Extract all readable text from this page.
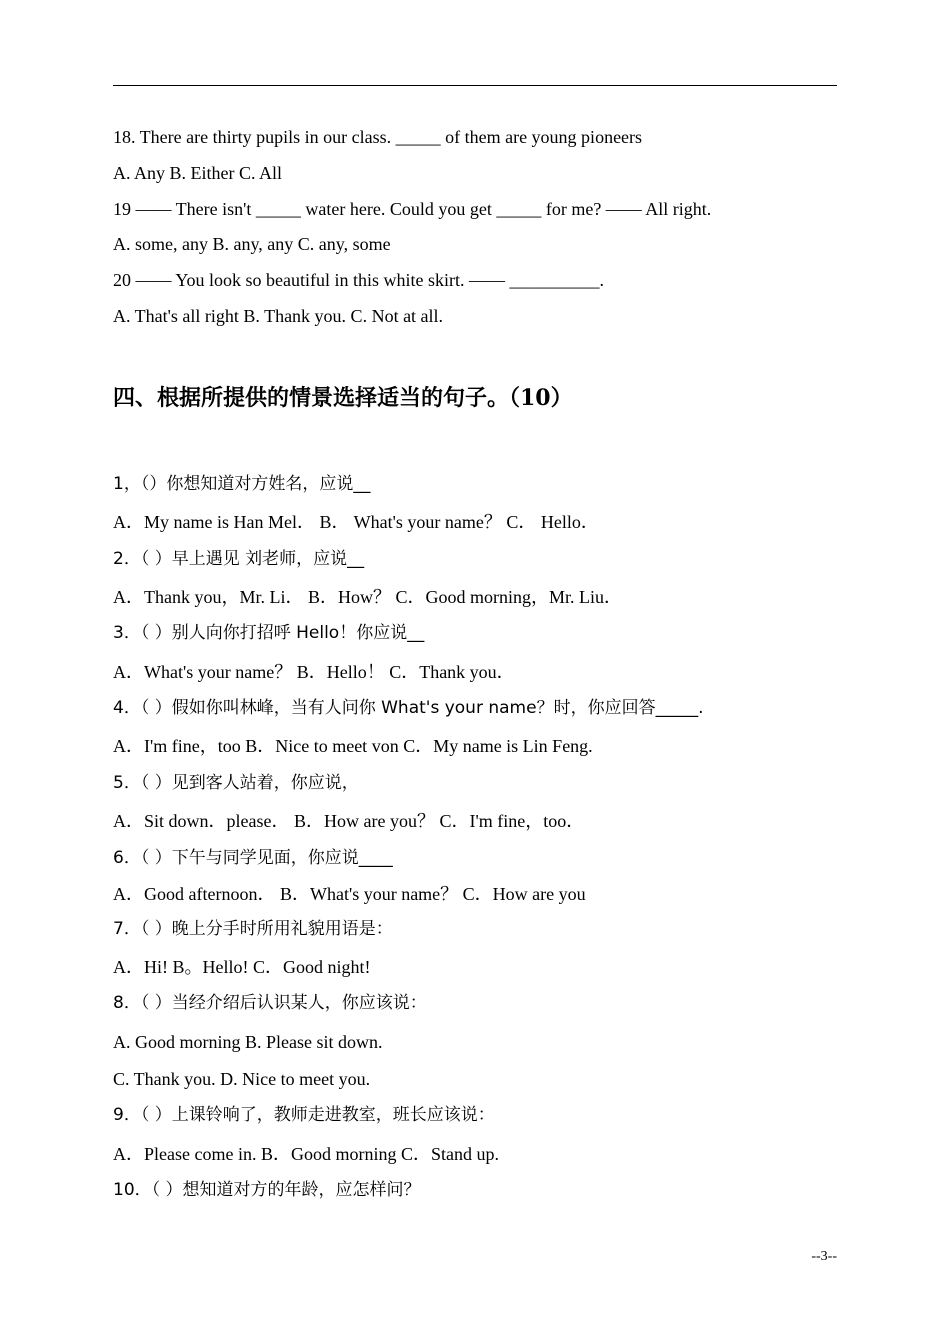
18. There are thirty pupils in our class. _____ of them are young pioneers
A. Any B. Either C. All
19 —— There isn't _____ water here. Could you get _____ for me? —— All right.
A. some, any B. any, any C. any, some
20 —— You look so beautiful in this white skirt. —— __________.
A. That's all right B. Thank you. C. Not at all.
四、根据所提供的情景选择适当的句子。（10）
1，（）你想知道对方姓名，应说__
A．My name is Han Mel． B． What's your name？ C． Hello．
2．（ ）早上遇见 刘老师，应说__
A．Thank you，Mr. Li． B．How？ C．Good morning，Mr. Liu．
3．（ ）别人向你打招呼 Hello！你应说__
A．What's your name？ B．Hello！ C．Thank you．
4．（ ）假如你叫林峰，当有人问你 What's your name？时，你应回答_____.
A．I'm fine，too B．Nice to meet von C．My name is Lin Feng.
5．（ ）见到客人站着，你应说，
A．Sit down．please． B．How are you？ C．I'm fine，too．
6．（ ）下午与同学见面，你应说____
A．Good afternoon． B．What's your name？ C．How are you
7．（ ）晚上分手时所用礼貌用语是：
A．Hi! B。Hello! C．Good night!
8．（ ）当经介绍后认识某人，你应该说：
A. Good morning B. Please sit down.
C. Thank you. D. Nice to meet you.
9．（ ）上课铃响了，教师走进教室，班长应该说：
A．Please come in. B．Good morning C．Stand up.
10．（ ）想知道对方的年龄，应怎样问？
--3--
